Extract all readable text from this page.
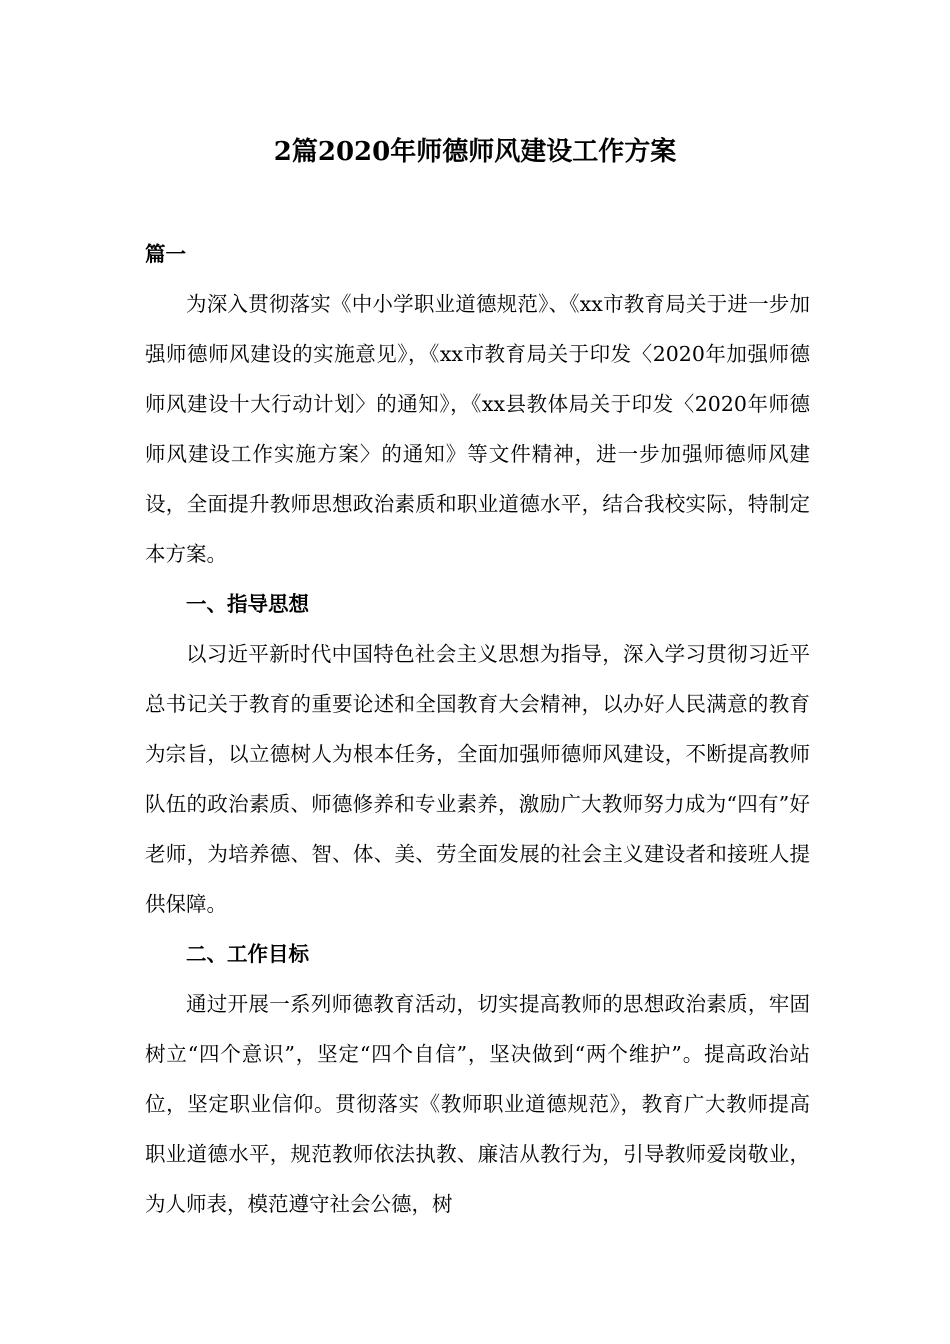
2篇2020年师德师风建设工作方案

篇一

为深入贯彻落实《中小学职业道德规范》、《xx市教育局关于进一步加强师德师风建设的实施意见》，《xx市教育局关于印发〈2020年加强师德师风建设十大行动计划〉的通知》，《xx县教体局关于印发〈2020年师德师风建设工作实施方案〉的通知》等文件精神，进一步加强师德师风建设，全面提升教师思想政治素质和职业道德水平，结合我校实际，特制定本方案。

一、指导思想

以习近平新时代中国特色社会主义思想为指导，深入学习贯彻习近平总书记关于教育的重要论述和全国教育大会精神，以办好人民满意的教育为宗旨，以立德树人为根本任务，全面加强师德师风建设，不断提高教师队伍的政治素质、师德修养和专业素养，激励广大教师努力成为“四有”好老师，为培养德、智、体、美、劳全面发展的社会主义建设者和接班人提供保障。

二、工作目标

通过开展一系列师德教育活动，切实提高教师的思想政治素质，牢固树立“四个意识”，坚定“四个自信”，坚决做到“两个维护”。提高政治站位，坚定职业信仰。贯彻落实《教师职业道德规范》，教育广大教师提高职业道德水平，规范教师依法执教、廉洁从教行为，引导教师爱岗敬业，为人师表，模范遵守社会公德，树
